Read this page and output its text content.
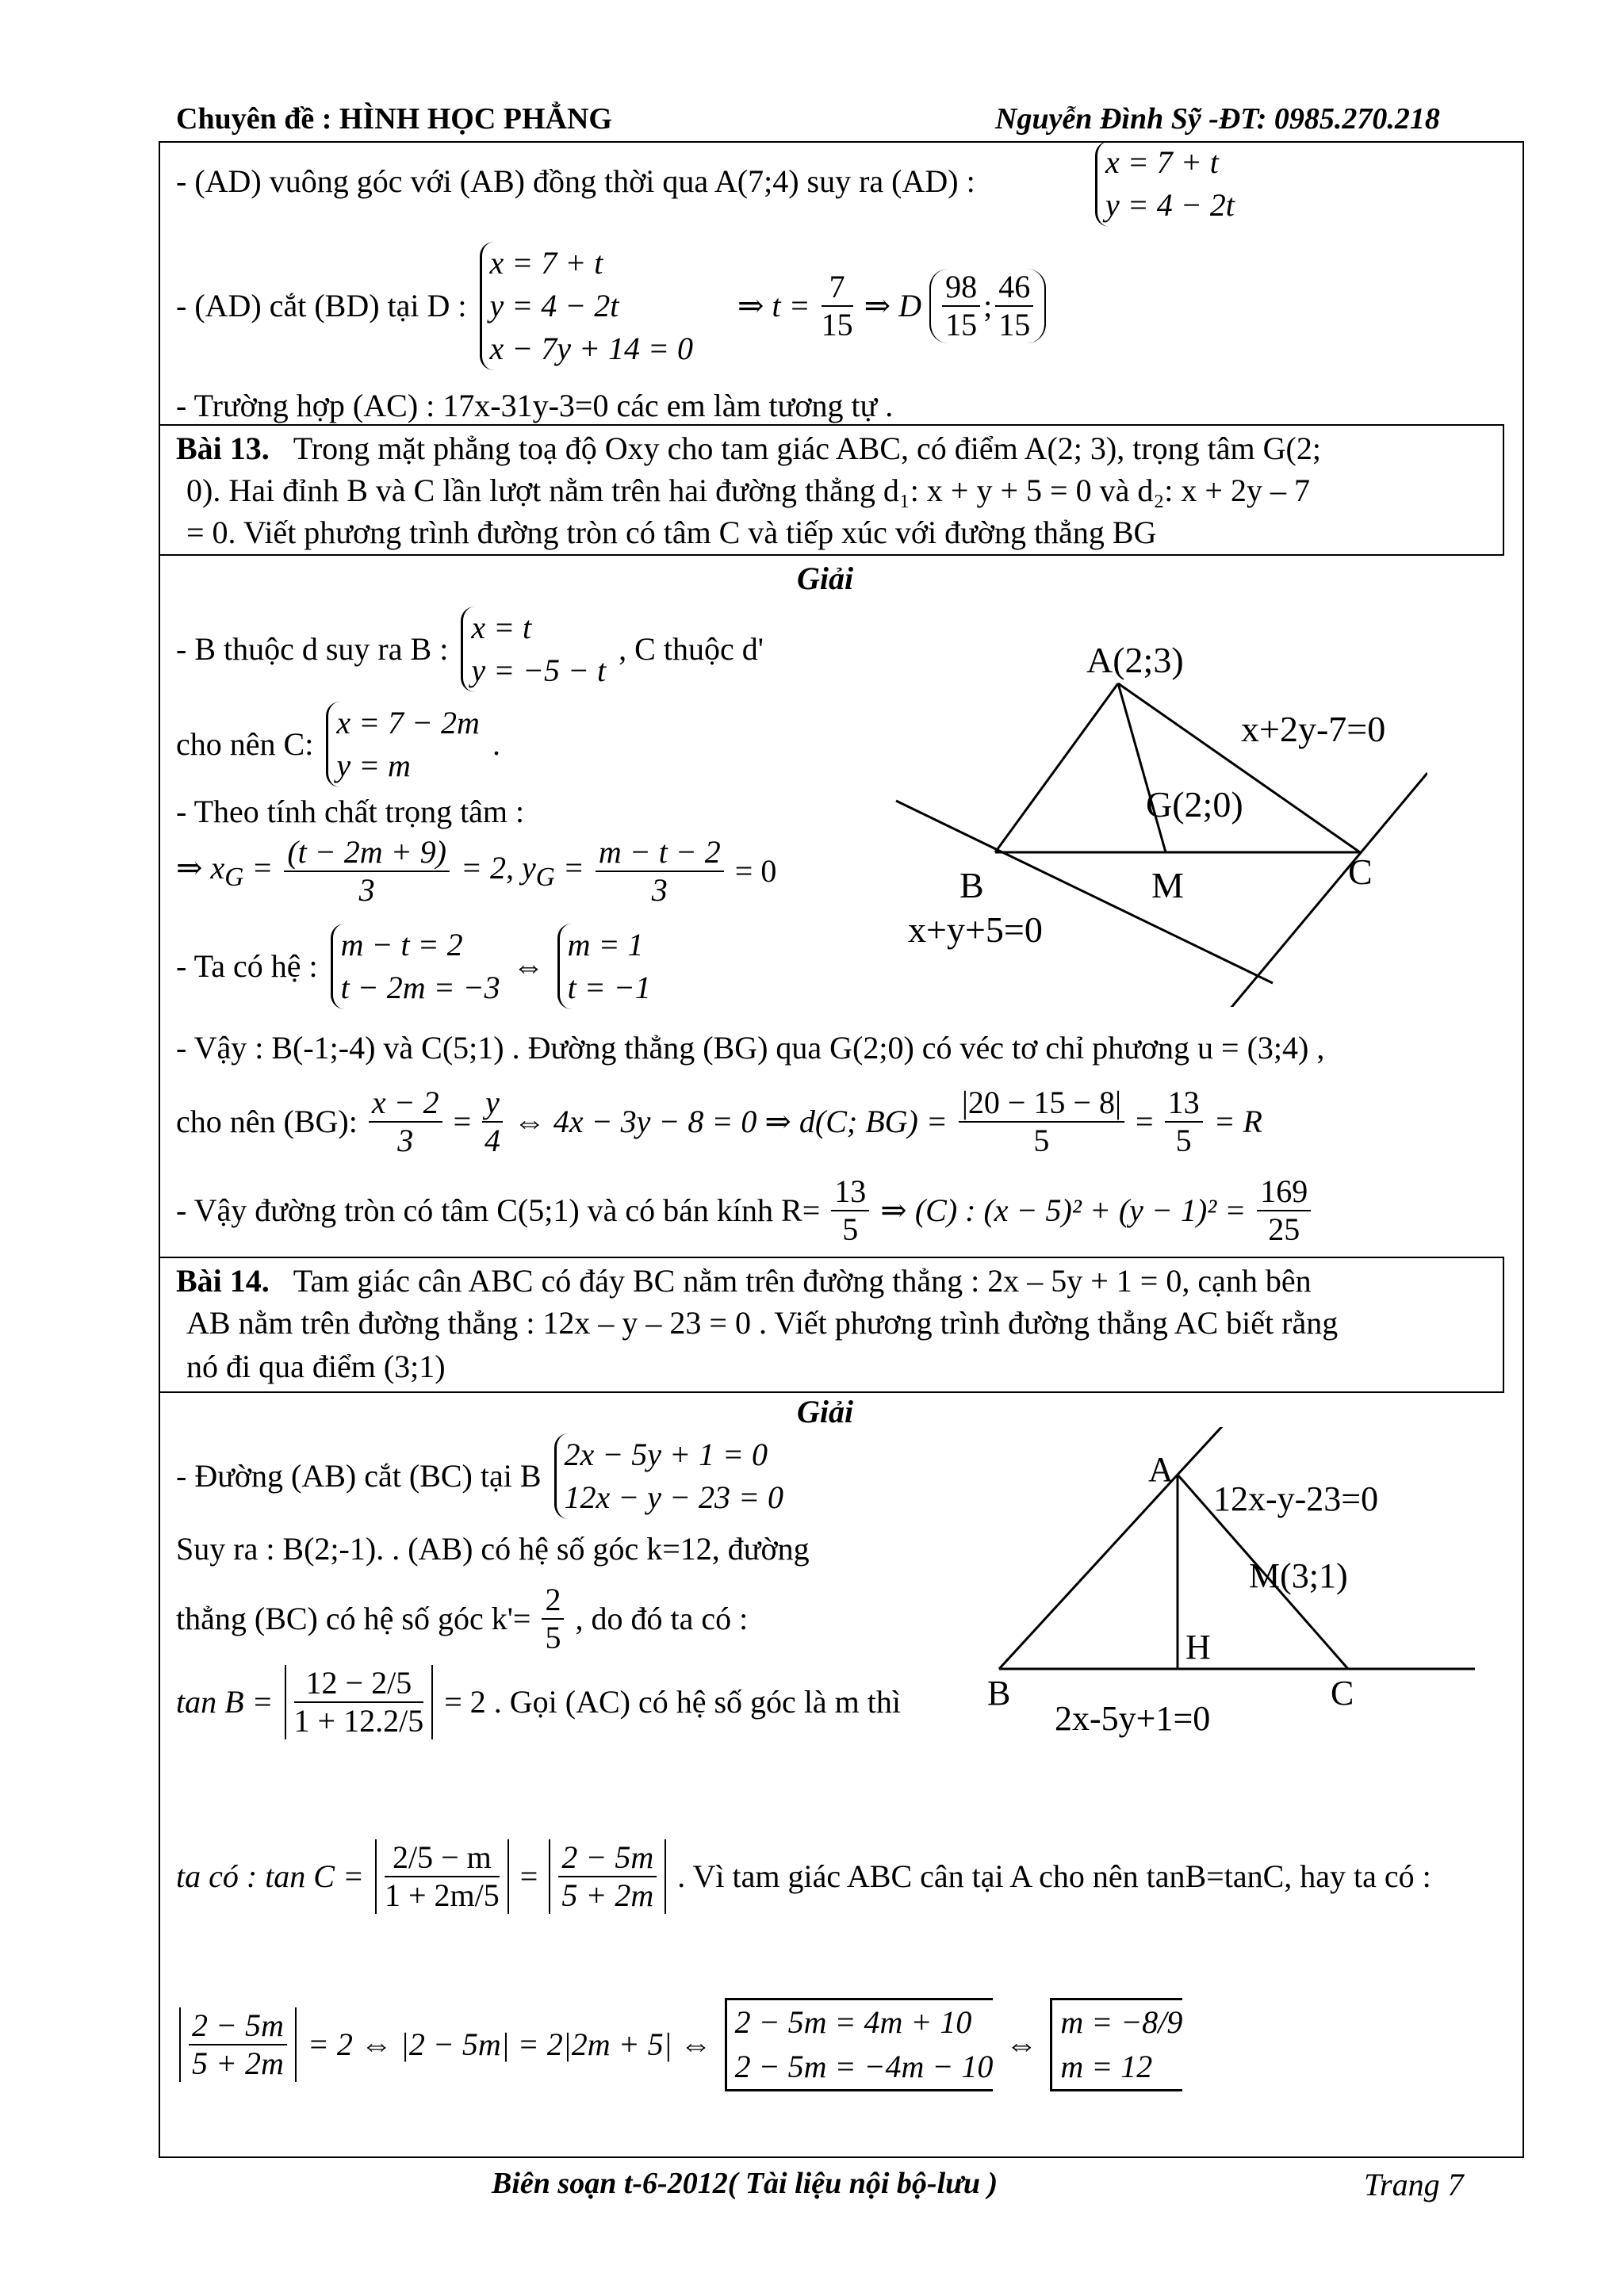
Chuyên đề : HÌNH HỌC PHẲNG	Nguyễn Đình Sỹ -ĐT: 0985.270.218
- (AD) vuông góc với (AB) đồng thời qua A(7;4) suy ra (AD) :
x = 7 + t
y = 4 − 2t
- (AD) cắt (BD) tại D :
x = 7 + t
y = 4 − 2t
x − 7y + 14 = 0
⇒ $t = \frac{7}{15}$ ⇒ D $\frac{98}{15}$ ; $\frac{46}{15}$
- Trường hợp (AC) : 17x-31y-3=0 các em làm tương tự .
Bài 13. Trong mặt phẳng toạ độ Oxy cho tam giác ABC, có điểm A(2; 3), trọng tâm G(2;
0). Hai đỉnh B và C lần lượt nằm trên hai đường thẳng d₁: x + y + 5 = 0 và d₂: x + 2y – 7
= 0. Viết phương trình đường tròn có tâm C và tiếp xúc với đường thẳng BG
Giải
- B thuộc d suy ra B :
x = t
y = −5 − t
, C thuộc d'
cho nên C:
x = 7 − 2m
y = m
.
- Theo tính chất trọng tâm :
⇒ $x_G = \frac{(t - 2m + 9)}{3} = 2$, $y_G = \frac{m - t - 2}{3} = 0$
- Ta có hệ :
m − t = 2
t − 2m = −3
⇔
m = 1
t = −1
- Vậy : B(-1;-4) và C(5;1) . Đường thẳng (BG) qua G(2;0) có véc tơ chỉ phương u = (3;4) ,
cho nên (BG): $\frac{x - 2}{3} = \frac{y}{4}$ ⇔ 4x − 3y − 8 = 0 ⇒ d(C; $BG) = \frac{|20 - 15 - 8|}{5} = \frac{13}{5} = R$
- Vậy đường tròn có tâm C(5;1) và có bán kính $R= \frac{13}{5}$ ⇒ (C) : $(x - 5)^2 + (y - 1)^2 = \frac{169}{25}$
A(2;3)
x+2y-7=0
G(2;0)
C
B	M
x+y+5=0
Bài 14. Tam giác cân ABC có đáy BC nằm trên đường thẳng : 2x – 5y + 1 = 0, cạnh bên
AB nằm trên đường thẳng : 12x – y – 23 = 0 . Viết phương trình đường thẳng AC biết rằng
nó đi qua điểm (3;1)
Giải
- Đường (AB) cắt (BC) tại B
2x − 5y + 1 = 0
12x − y − 23 = 0
Suy ra : B(2;-1). . (AB) có hệ số góc k=12, đường
thẳng (BC) có hệ số góc $k'= \frac{2}{5}$ , do đó ta có :
$\tan B = \frac{12 - 2/5}{1 + 12.2/5} = 2$ . Gọi (AC) có hệ số góc là m thì
ta có : $\tan C = \frac{2/5 - m}{1 + 2m/5} = \frac{2 - 5m}{5 + 2m}$ . Vì tam giác ABC cân tại A cho nên tanB=tanC, hay ta có :
$\frac{2 - 5m}{5 + 2m} = 2$ ⇔ |2 − 5m| = 2|2m + 5| ⇔
2 − 5m = 4m + 10
2 − 5m = −4m − 10
⇔
m = −8/9
m = 12
A
12x-y-23=0
M(3;1)
H
B	C
2x-5y+1=0
Biên soạn t-6-2012( Tài liệu nội bộ-lưu )	Trang 7
